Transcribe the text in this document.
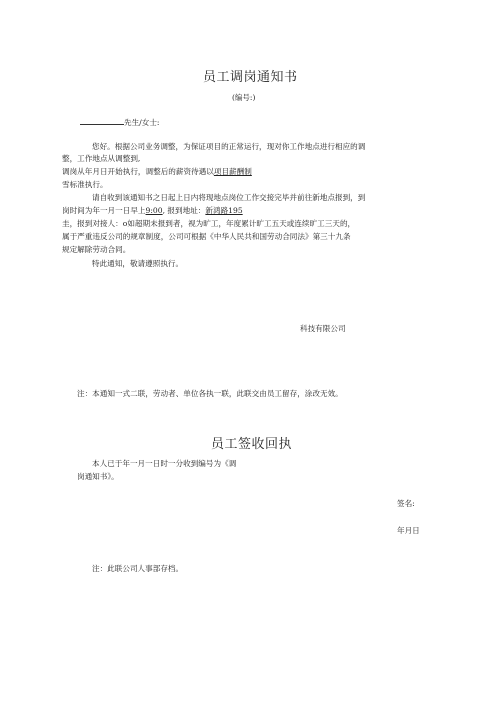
员工调岗通知书
(编号:)
先生/女士:
您好。根据公司业务调整，为保证项目的正常运行，现对你工作地点进行相应的调
整，工作地点从调整到,
调岗从年月日开始执行，调整后的薪资待遇以项目薪酬制
雪标准执行。
请自收到该通知书之日起上日内将现地点岗位工作交接完毕并前往新地点报到，到
岗时间为年一月一日早上9:00, 报到地址：新鸿路195
圭，报到对接人：o如超期未报到者，视为旷工，年度累计旷工五天或连续旷工三天的，
属于严重违反公司的规章制度，公司可根据《中华人民共和国劳动合同法》第三十九条
规定解除劳动合同。
特此通知，敬请遵照执行。
科技有限公司
注：本通知一式二联，劳动者、单位各执一联，此联交由员工留存，涂改无效。
员工签收回执
本人已于年一月一日时一分收到编号为《调
岗通知书》。
签名:
年月日
注：此联公司人事部存档。
